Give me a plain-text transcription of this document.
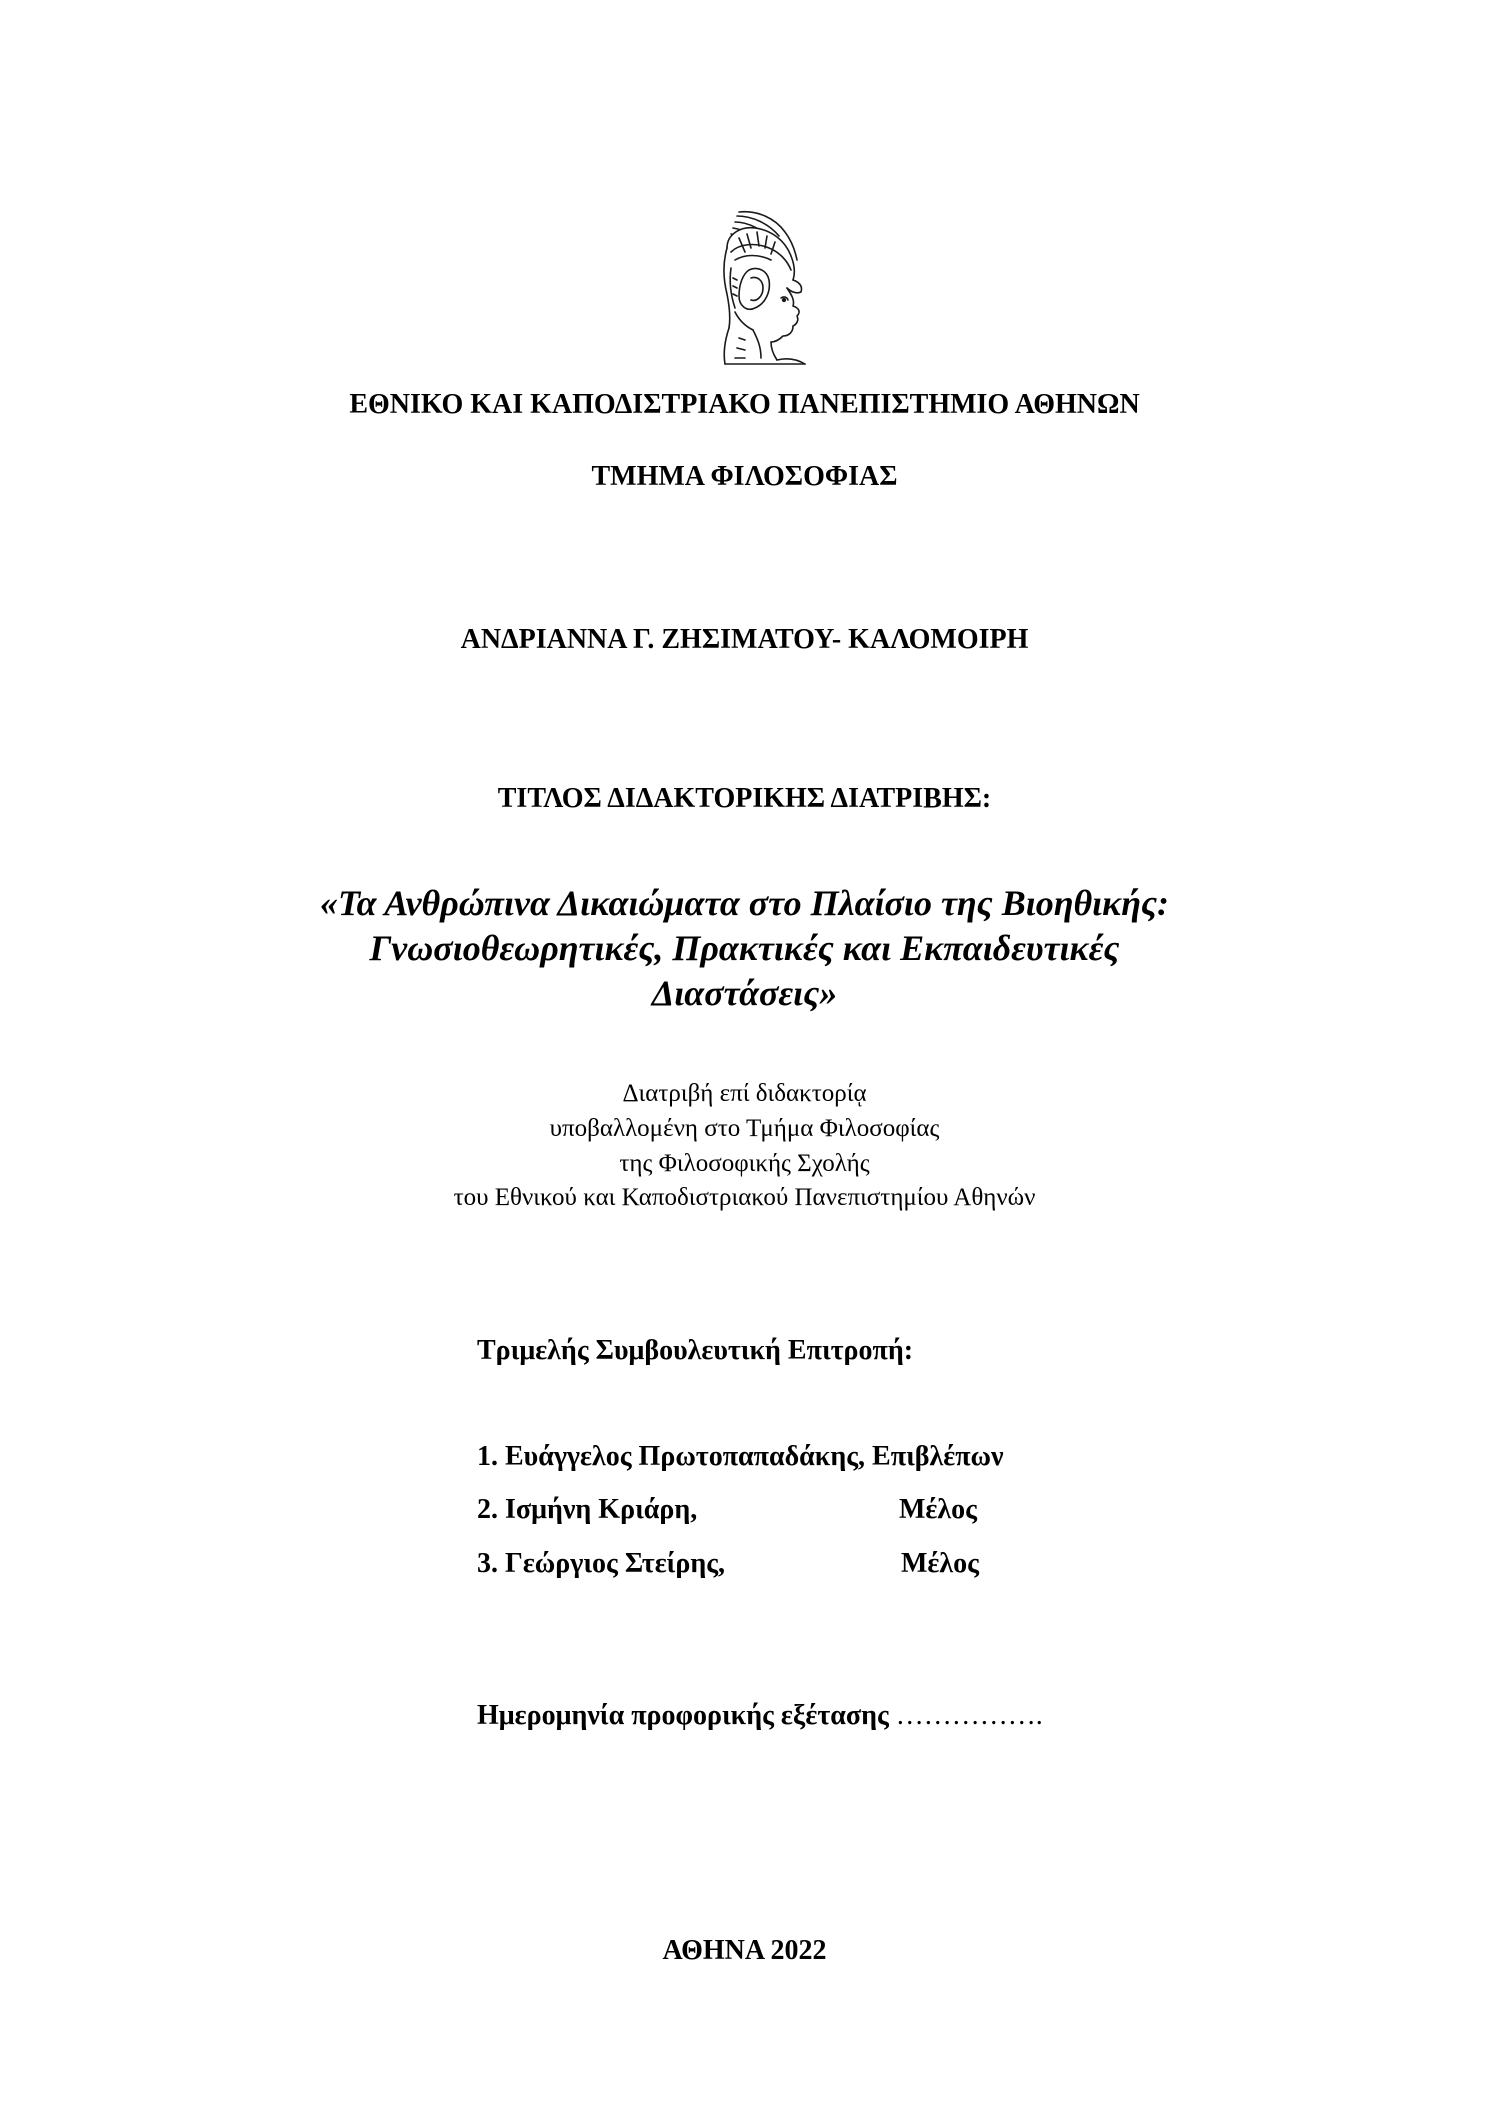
ΕΘΝΙΚΟ ΚΑΙ ΚΑΠΟΔΙΣΤΡΙΑΚΟ ΠΑΝΕΠΙΣΤΗΜΙΟ ΑΘΗΝΩΝ
ΤΜΗΜΑ ΦΙΛΟΣΟΦΙΑΣ
ΑΝΔΡΙΑΝΝΑ Γ. ΖΗΣΙΜΑΤΟΥ- ΚΑΛΟΜΟΙΡΗ
ΤΙΤΛΟΣ ΔΙΔΑΚΤΟΡΙΚΗΣ ΔΙΑΤΡΙΒΗΣ:
«Τα Ανθρώπινα Δικαιώματα στο Πλαίσιο της Βιοηθικής:
Γνωσιοθεωρητικές, Πρακτικές και Εκπαιδευτικές
Διαστάσεις»
Διατριβή επί διδακτορίᾳ
υποβαλλομένη στο Τμήμα Φιλοσοφίας
της Φιλοσοφικής Σχολής
του Εθνικού και Καποδιστριακού Πανεπιστημίου Αθηνών
Τριμελής Συμβουλευτική Επιτροπή:
1. Ευάγγελος Πρωτοπαπαδάκης, Επιβλέπων
2. Ισμήνη Κριάρη,	Μέλος
3. Γεώργιος Στείρης,	Μέλος
Ημερομηνία προφορικής εξέτασης …………….
ΑΘΗΝΑ 2022
